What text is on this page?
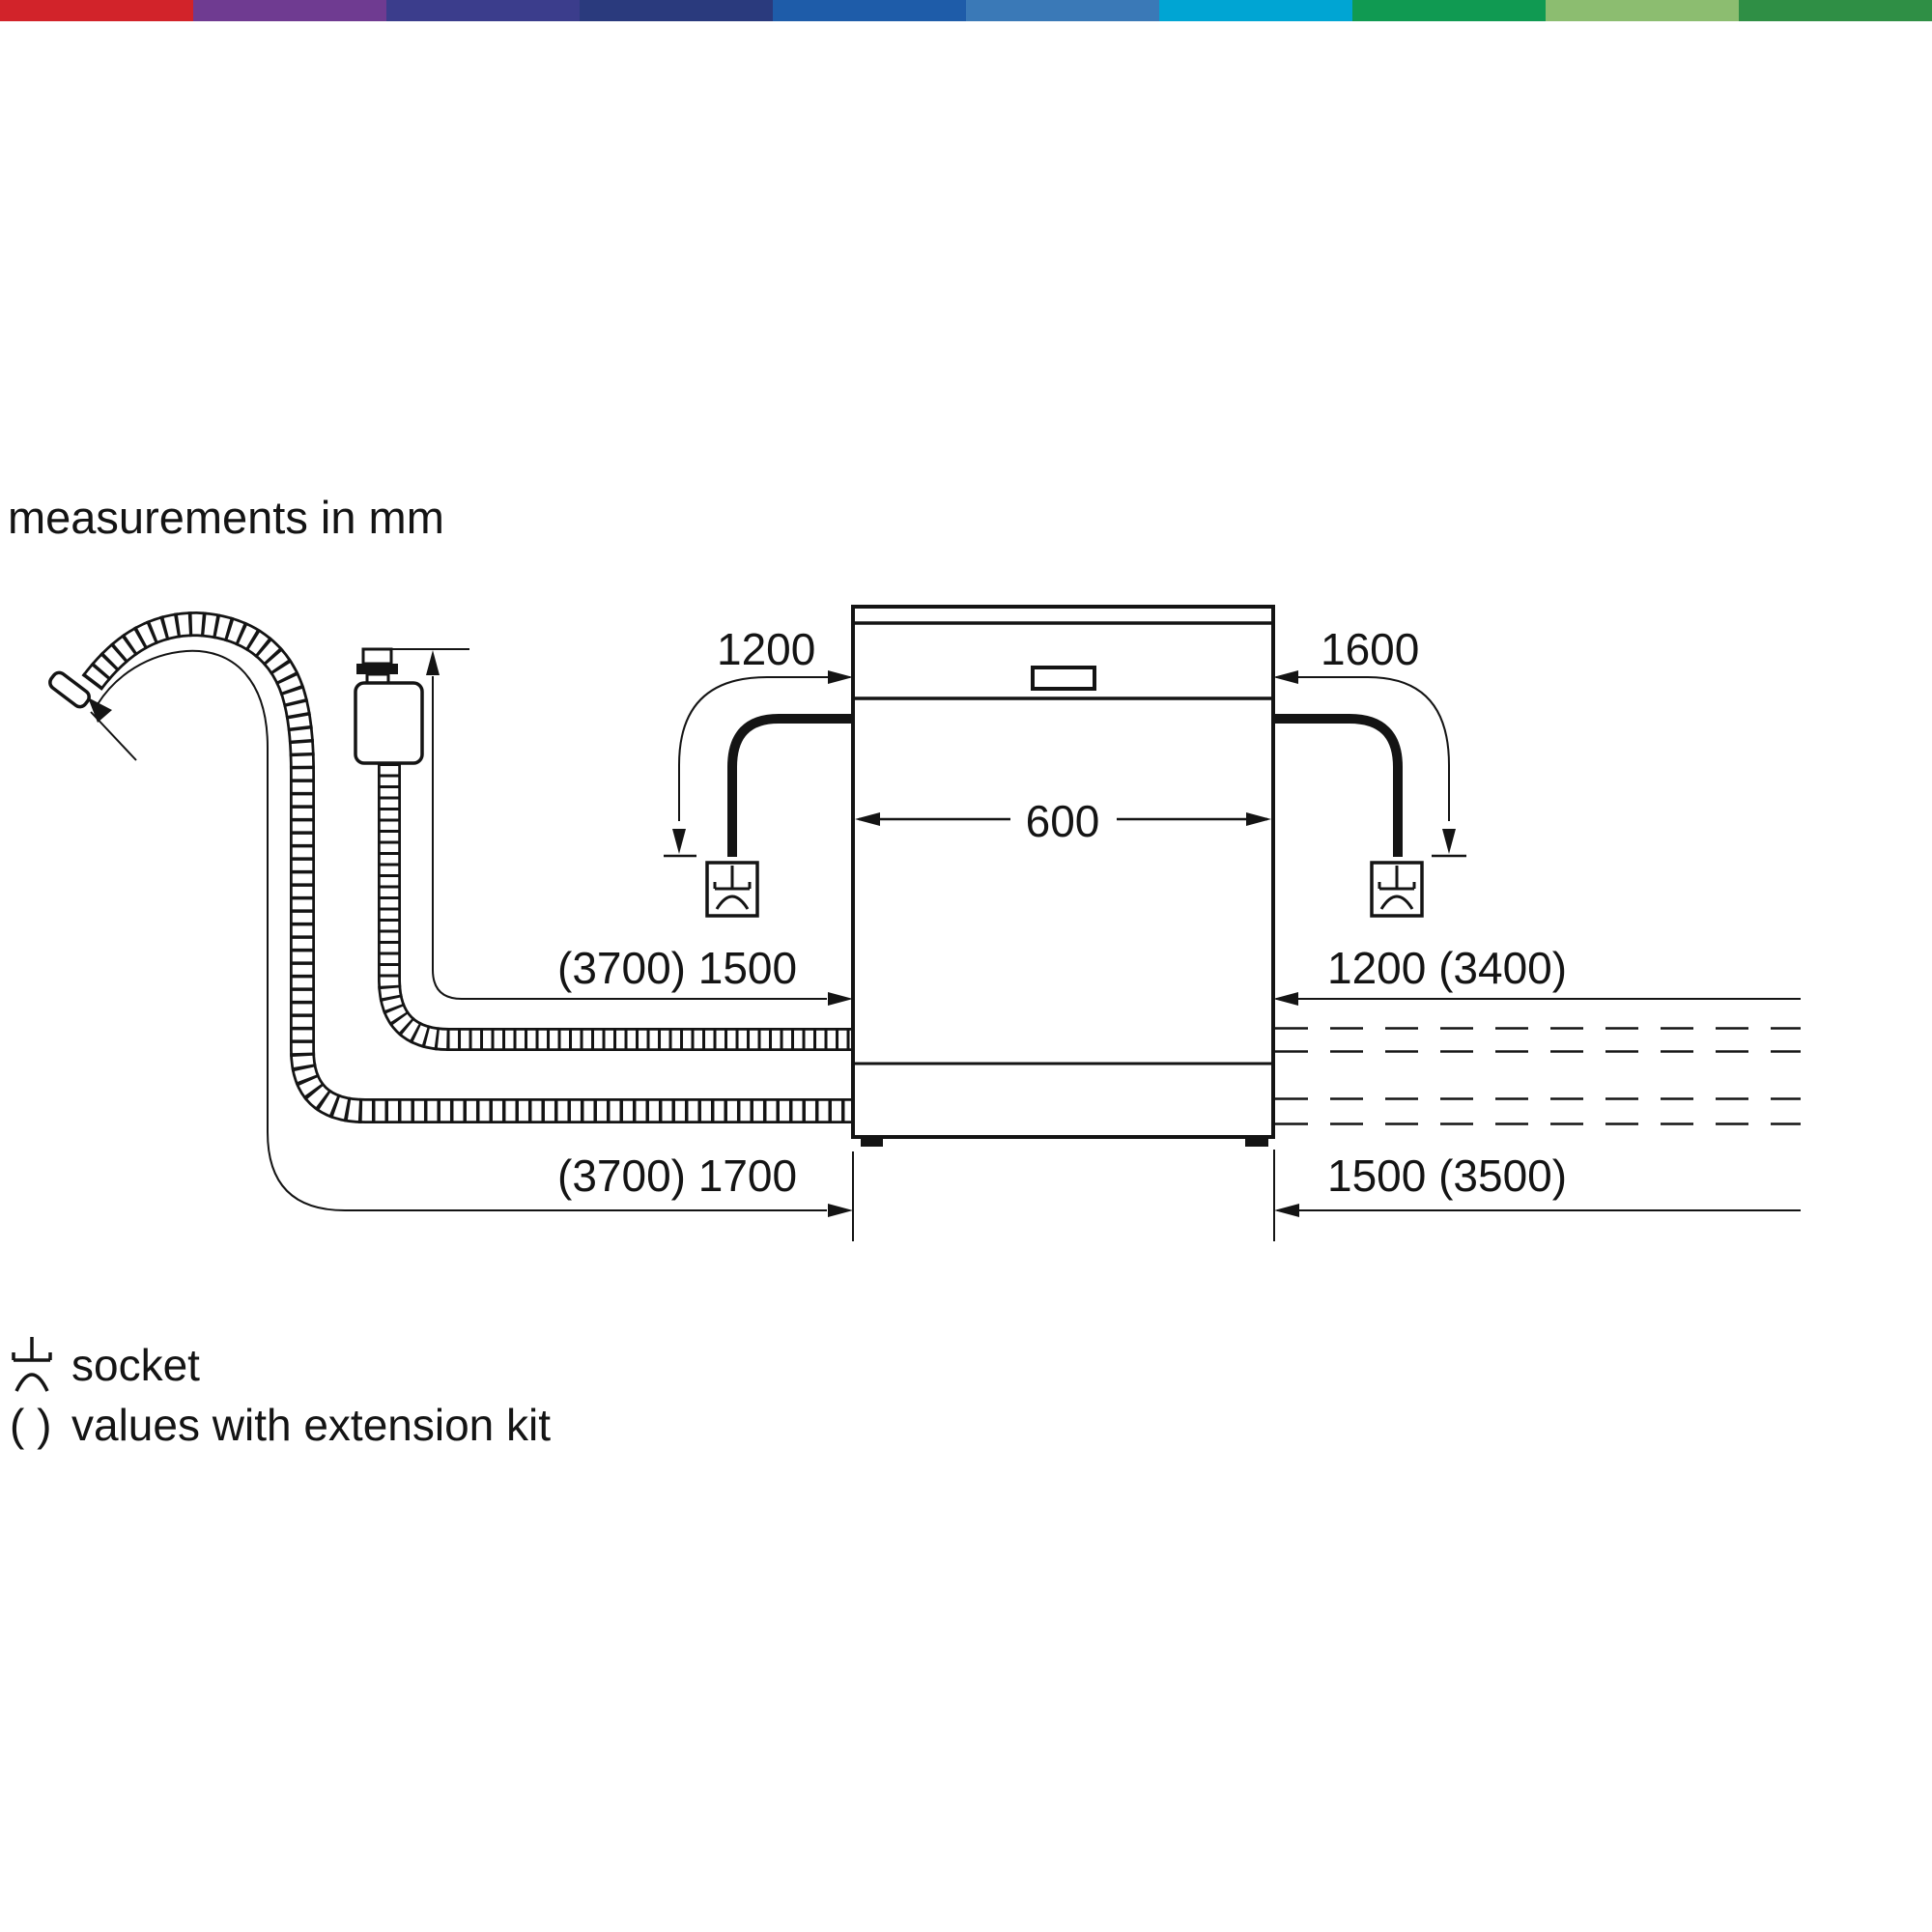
measurements in mm
1200	1600
600
(3700) 1500	1200 (3400)
(3700) 1700	1500 (3500)
socket
( ) values with extension kit
